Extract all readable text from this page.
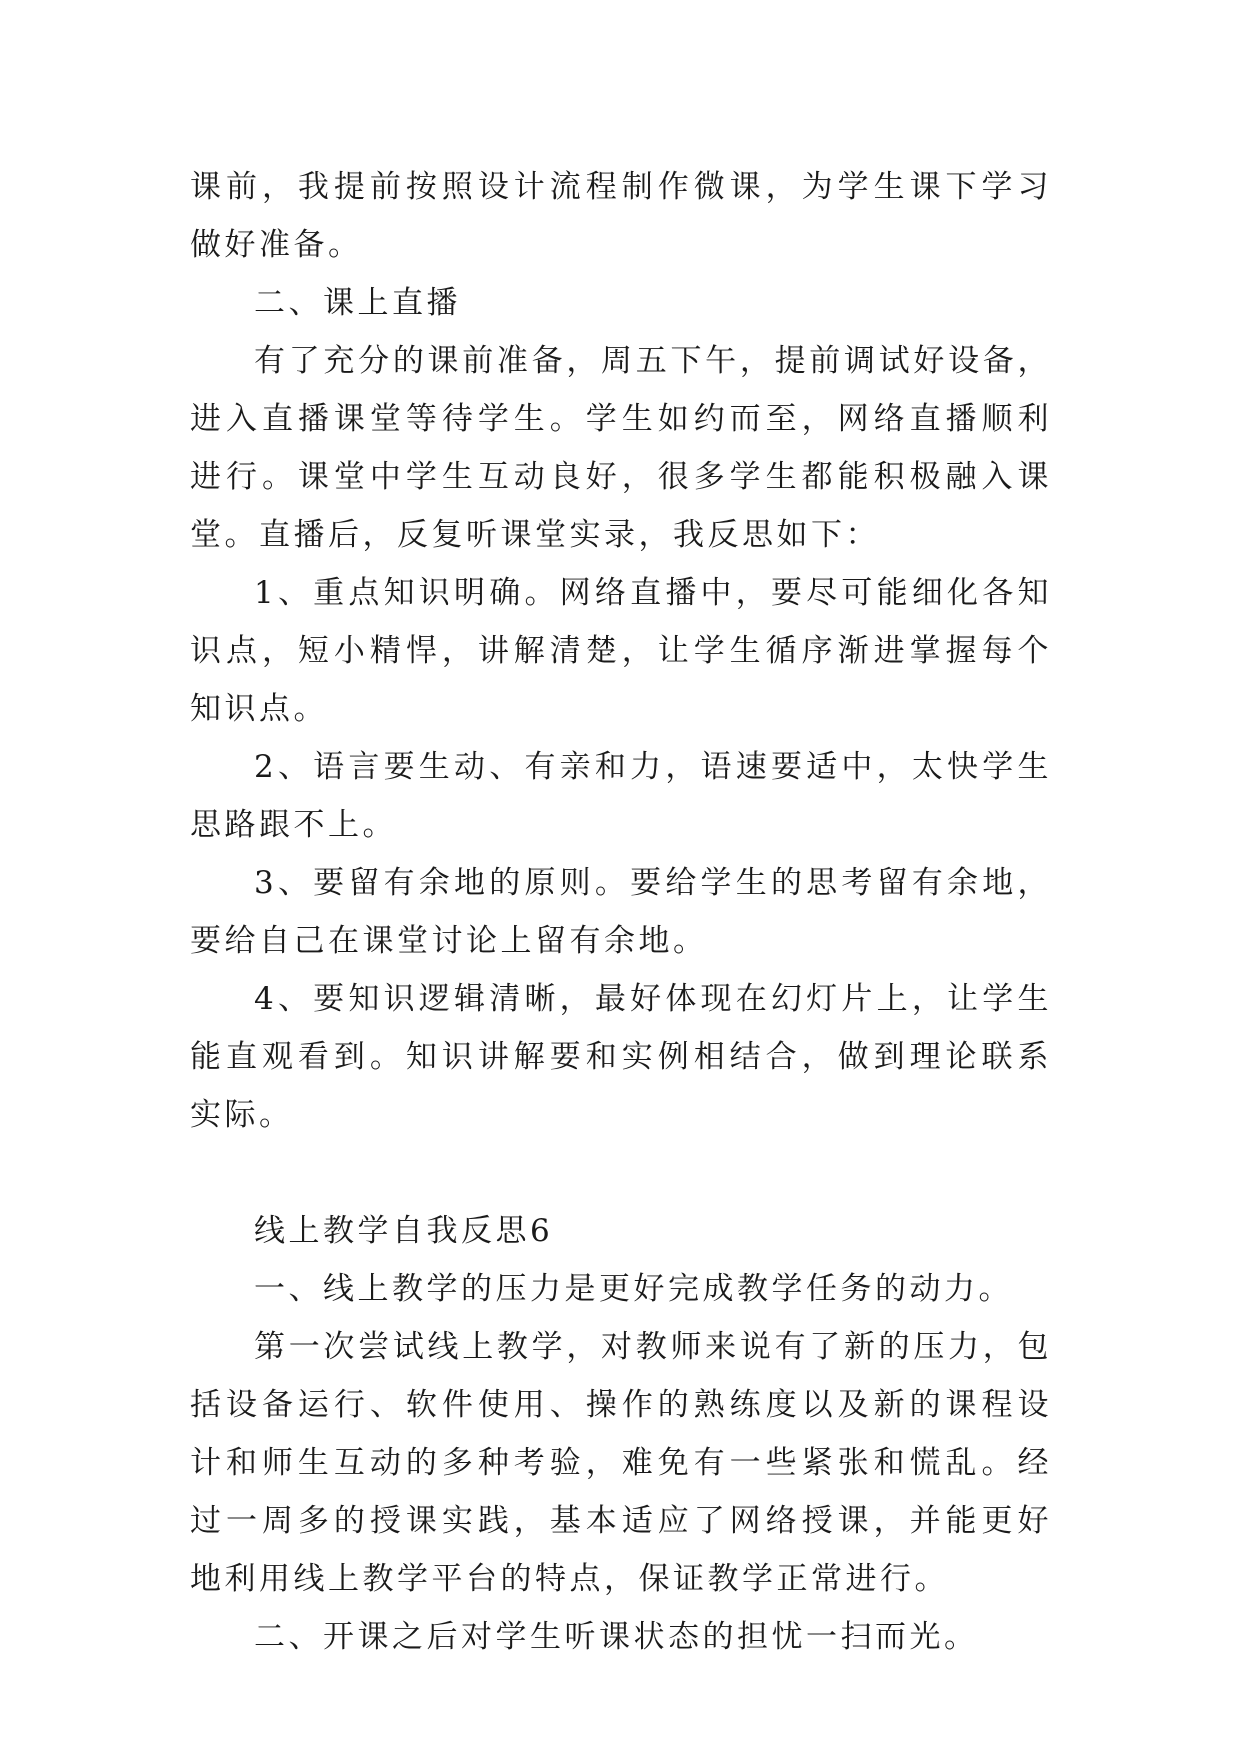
课前，我提前按照设计流程制作微课，为学生课下学习做好准备。

二、课上直播

有了充分的课前准备，周五下午，提前调试好设备，进入直播课堂等待学生。学生如约而至，网络直播顺利进行。课堂中学生互动良好，很多学生都能积极融入课堂。直播后，反复听课堂实录，我反思如下：

1、重点知识明确。网络直播中，要尽可能细化各知识点，短小精悍，讲解清楚，让学生循序渐进掌握每个知识点。

2、语言要生动、有亲和力，语速要适中，太快学生思路跟不上。

3、要留有余地的原则。要给学生的思考留有余地，要给自己在课堂讨论上留有余地。

4、要知识逻辑清晰，最好体现在幻灯片上，让学生能直观看到。知识讲解要和实例相结合，做到理论联系实际。

线上教学自我反思6

一、线上教学的压力是更好完成教学任务的动力。

第一次尝试线上教学，对教师来说有了新的压力，包括设备运行、软件使用、操作的熟练度以及新的课程设计和师生互动的多种考验，难免有一些紧张和慌乱。经过一周多的授课实践，基本适应了网络授课，并能更好地利用线上教学平台的特点，保证教学正常进行。

二、开课之后对学生听课状态的担忧一扫而光。
